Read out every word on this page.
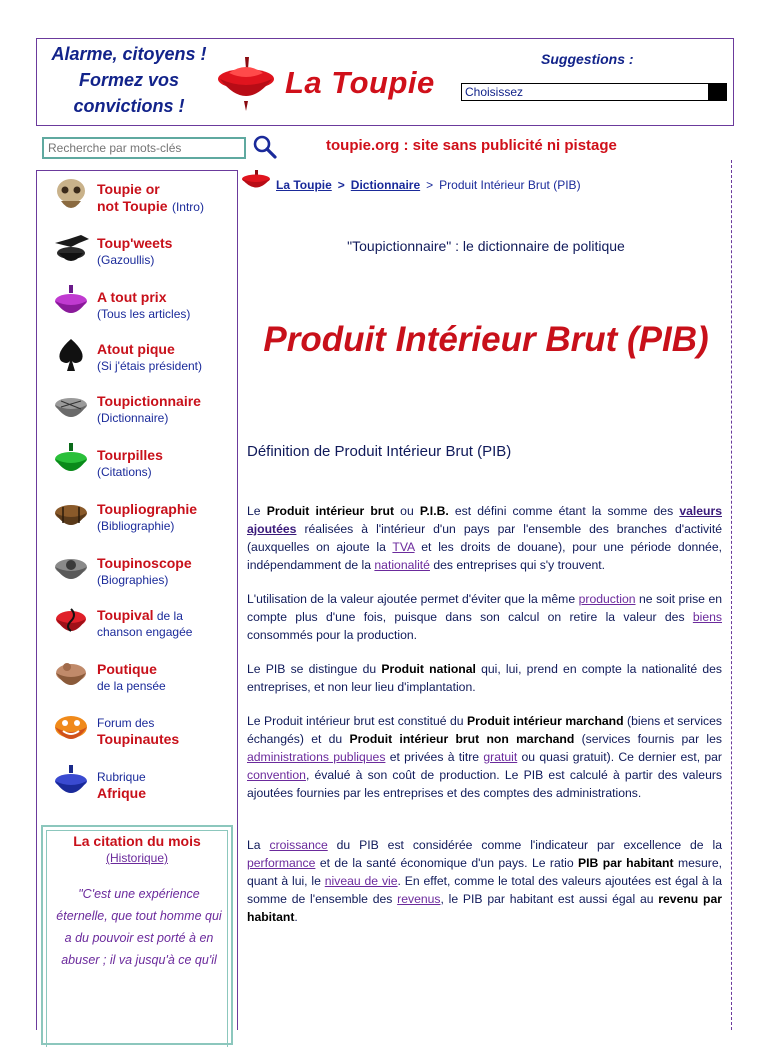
Alarme, citoyens !
Formez vos
convictions !
La Toupie
Suggestions :
Choisissez
Recherche par mots-clés
toupie.org : site sans publicité ni pistage
Toupie or
not Toupie (Intro)
Toup'weets
(Gazoullis)
A tout prix
(Tous les articles)
Atout pique
(Si j'étais président)
Toupictionnaire
(Dictionnaire)
Tourpilles
(Citations)
Toupliographie
(Bibliographie)
Toupinoscope
(Biographies)
Toupival de la
chanson engagée
Poutique
de la pensée
Forum des
Toupinautes
Rubrique
Afrique
La citation du mois
(Historique)
"C'est une expérience éternelle, que tout homme qui a du pouvoir est porté à en abuser ; il va jusqu'à ce qu'il
La Toupie > Dictionnaire > Produit Intérieur Brut (PIB)
"Toupictionnaire" : le dictionnaire de politique
Produit Intérieur Brut (PIB)
Définition de Produit Intérieur Brut (PIB)
Le Produit intérieur brut ou P.I.B. est défini comme étant la somme des valeurs ajoutées réalisées à l'intérieur d'un pays par l'ensemble des branches d'activité (auxquelles on ajoute la TVA et les droits de douane), pour une période donnée, indépendamment de la nationalité des entreprises qui s'y trouvent.
L'utilisation de la valeur ajoutée permet d'éviter que la même production ne soit prise en compte plus d'une fois, puisque dans son calcul on retire la valeur des biens consommés pour la production.
Le PIB se distingue du Produit national qui, lui, prend en compte la nationalité des entreprises, et non leur lieu d'implantation.
Le Produit intérieur brut est constitué du Produit intérieur marchand (biens et services échangés) et du Produit intérieur brut non marchand (services fournis par les administrations publiques et privées à titre gratuit ou quasi gratuit). Ce dernier est, par convention, évalué à son coût de production. Le PIB est calculé à partir des valeurs ajoutées fournies par les entreprises et des comptes des administrations.
La croissance du PIB est considérée comme l'indicateur par excellence de la performance et de la santé économique d'un pays. Le ratio PIB par habitant mesure, quant à lui, le niveau de vie. En effet, comme le total des valeurs ajoutées est égal à la somme de l'ensemble des revenus, le PIB par habitant est aussi égal au revenu par habitant.
